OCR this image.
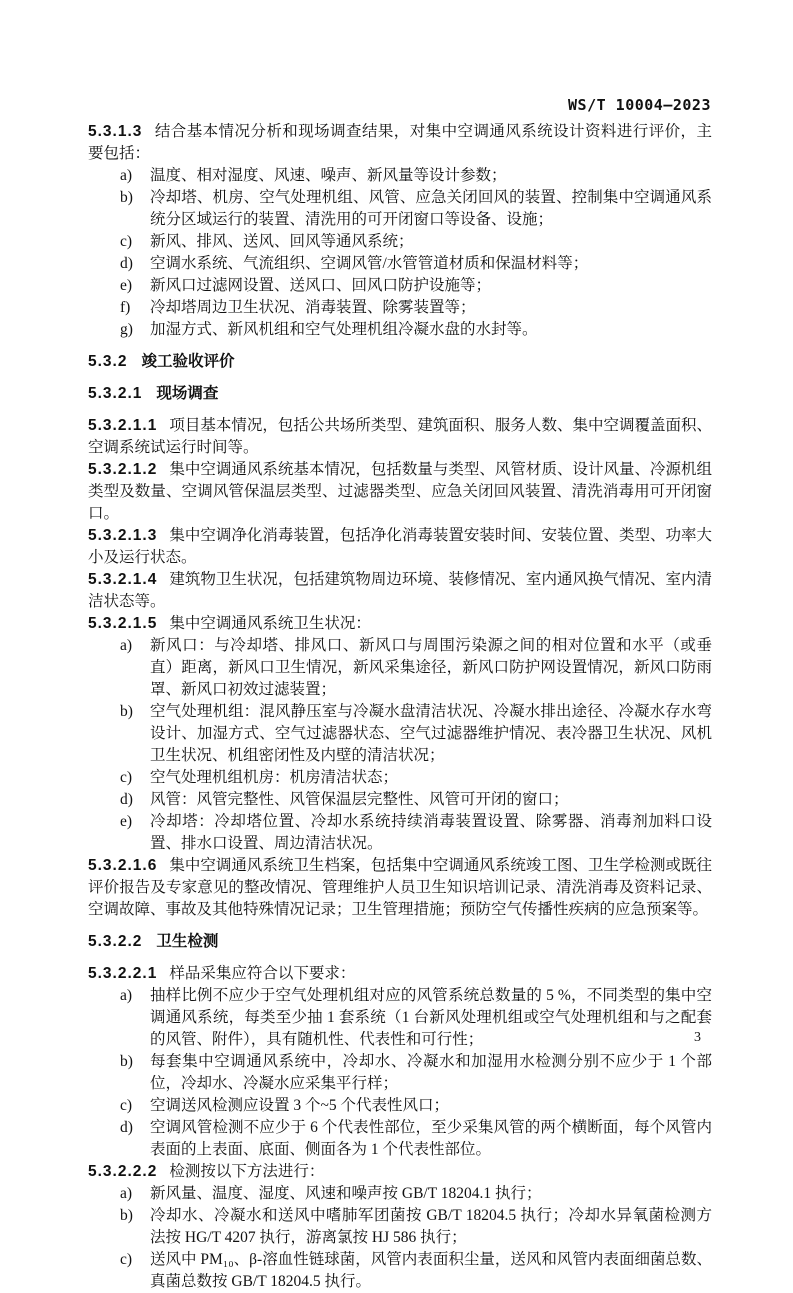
WS/T 10004—2023

5.3.1.3 结合基本情况分析和现场调查结果，对集中空调通风系统设计资料进行评价，主要包括：

a)	温度、相对湿度、风速、噪声、新风量等设计参数；
b)	冷却塔、机房、空气处理机组、风管、应急关闭回风的装置、控制集中空调通风系统分区域运行的装置、清洗用的可开闭窗口等设备、设施；
c)	新风、排风、送风、回风等通风系统；
d)	空调水系统、气流组织、空调风管/水管管道材质和保温材料等；
e)	新风口过滤网设置、送风口、回风口防护设施等；
f)	冷却塔周边卫生状况、消毒装置、除雾装置等；
g)	加湿方式、新风机组和空气处理机组冷凝水盘的水封等。
5.3.2 竣工验收评价
5.3.2.1 现场调查

5.3.2.1.1 项目基本情况，包括公共场所类型、建筑面积、服务人数、集中空调覆盖面积、空调系统试运行时间等。

5.3.2.1.2 集中空调通风系统基本情况，包括数量与类型、风管材质、设计风量、冷源机组类型及数量、空调风管保温层类型、过滤器类型、应急关闭回风装置、清洗消毒用可开闭窗口。

5.3.2.1.3 集中空调净化消毒装置，包括净化消毒装置安装时间、安装位置、类型、功率大小及运行状态。

5.3.2.1.4 建筑物卫生状况，包括建筑物周边环境、装修情况、室内通风换气情况、室内清洁状态等。

5.3.2.1.5 集中空调通风系统卫生状况：

a)	新风口：与冷却塔、排风口、新风口与周围污染源之间的相对位置和水平（或垂直）距离，新风口卫生情况，新风采集途径，新风口防护网设置情况，新风口防雨罩、新风口初效过滤装置；
b)	空气处理机组：混风静压室与冷凝水盘清洁状况、冷凝水排出途径、冷凝水存水弯设计、加湿方式、空气过滤器状态、空气过滤器维护情况、表冷器卫生状况、风机卫生状况、机组密闭性及内壁的清洁状况；
c)	空气处理机组机房：机房清洁状态；
d)	风管：风管完整性、风管保温层完整性、风管可开闭的窗口；
e)	冷却塔：冷却塔位置、冷却水系统持续消毒装置设置、除雾器、消毒剂加料口设置、排水口设置、周边清洁状况。

5.3.2.1.6 集中空调通风系统卫生档案，包括集中空调通风系统竣工图、卫生学检测或既往评价报告及专家意见的整改情况、管理维护人员卫生知识培训记录、清洗消毒及资料记录、空调故障、事故及其他特殊情况记录；卫生管理措施；预防空气传播性疾病的应急预案等。

5.3.2.2 卫生检测

5.3.2.2.1 样品采集应符合以下要求：

a)	抽样比例不应少于空气处理机组对应的风管系统总数量的 5 %，不同类型的集中空调通风系统，每类至少抽 1 套系统（1 台新风处理机组或空气处理机组和与之配套的风管、附件），具有随机性、代表性和可行性；
b)	每套集中空调通风系统中，冷却水、冷凝水和加湿用水检测分别不应少于 1 个部位，冷却水、冷凝水应采集平行样；
c)	空调送风检测应设置 3 个~5 个代表性风口；
d)	空调风管检测不应少于 6 个代表性部位，至少采集风管的两个横断面，每个风管内表面的上表面、底面、侧面各为 1 个代表性部位。

5.3.2.2.2 检测按以下方法进行：

a)	新风量、温度、湿度、风速和噪声按 GB/T 18204.1 执行；
b)	冷却水、冷凝水和送风中嗜肺军团菌按 GB/T 18204.5 执行；冷却水异氧菌检测方法按 HG/T 4207 执行，游离氯按 HJ 586 执行；
c)	送风中 PM₁₀、β-溶血性链球菌，风管内表面积尘量，送风和风管内表面细菌总数、真菌总数按 GB/T 18204.5 执行。
3
